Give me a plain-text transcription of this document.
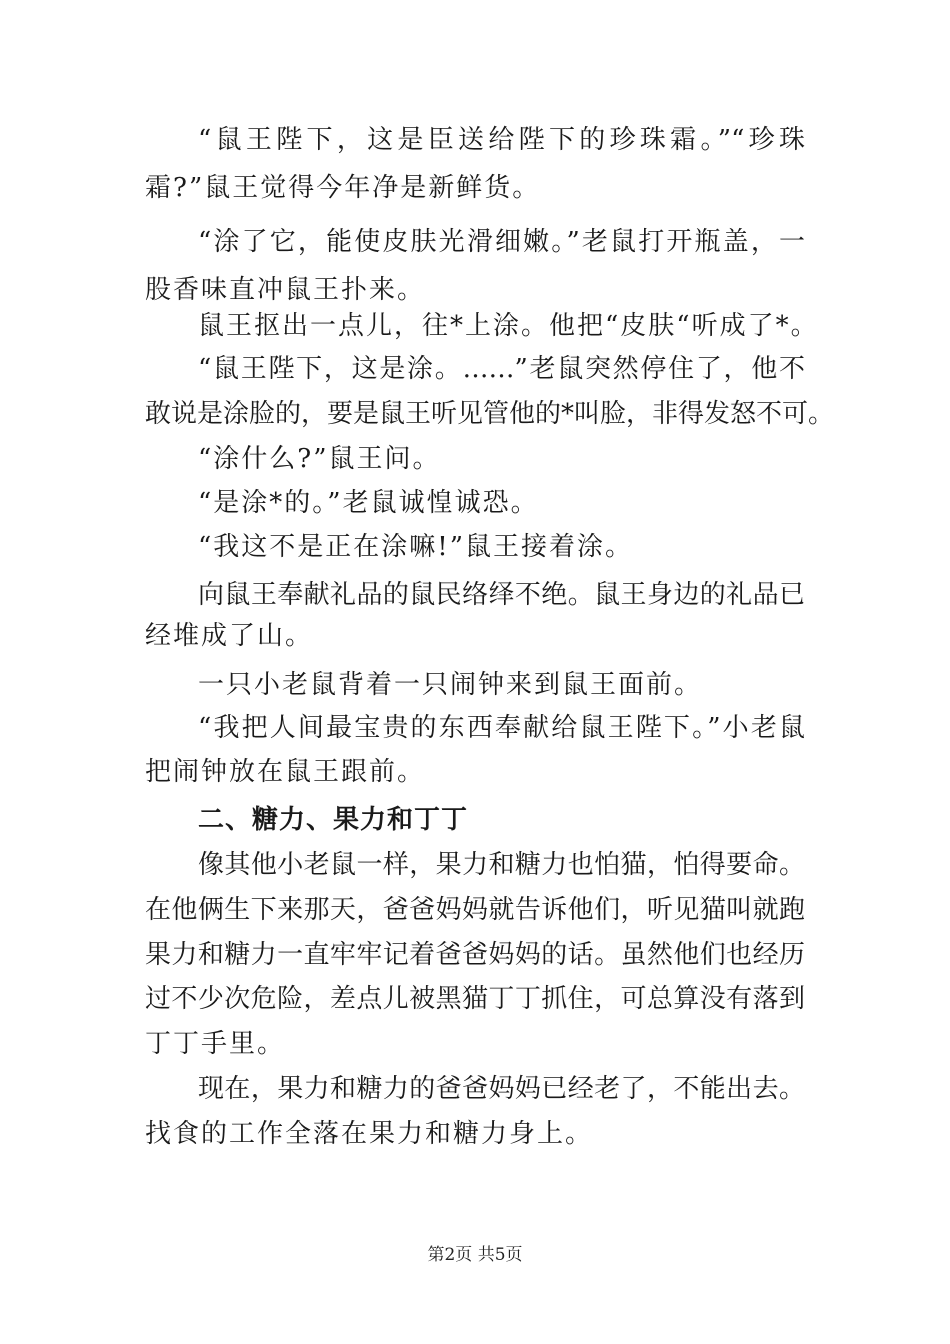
“鼠王陛下，这是臣送给陛下的珍珠霜。”“珍珠

霜?”鼠王觉得今年净是新鲜货。

“涂了它，能使皮肤光滑细嫩。”老鼠打开瓶盖，一

股香味直冲鼠王扑来。

鼠王抠出一点儿，往*上涂。他把“皮肤“听成了*。

“鼠王陛下，这是涂。……”老鼠突然停住了，他不

敢说是涂脸的，要是鼠王听见管他的*叫脸，非得发怒不可。

“涂什么?”鼠王问。

“是涂*的。”老鼠诚惶诚恐。

“我这不是正在涂嘛!”鼠王接着涂。

向鼠王奉献礼品的鼠民络绎不绝。鼠王身边的礼品已

经堆成了山。

一只小老鼠背着一只闹钟来到鼠王面前。

“我把人间最宝贵的东西奉献给鼠王陛下。”小老鼠

把闹钟放在鼠王跟前。

二、糖力、果力和丁丁

像其他小老鼠一样，果力和糖力也怕猫，怕得要命。

在他俩生下来那天，爸爸妈妈就告诉他们，听见猫叫就跑

果力和糖力一直牢牢记着爸爸妈妈的话。虽然他们也经历

过不少次危险，差点儿被黑猫丁丁抓住，可总算没有落到

丁丁手里。

现在，果力和糖力的爸爸妈妈已经老了，不能出去。

找食的工作全落在果力和糖力身上。

第2页 共5页
